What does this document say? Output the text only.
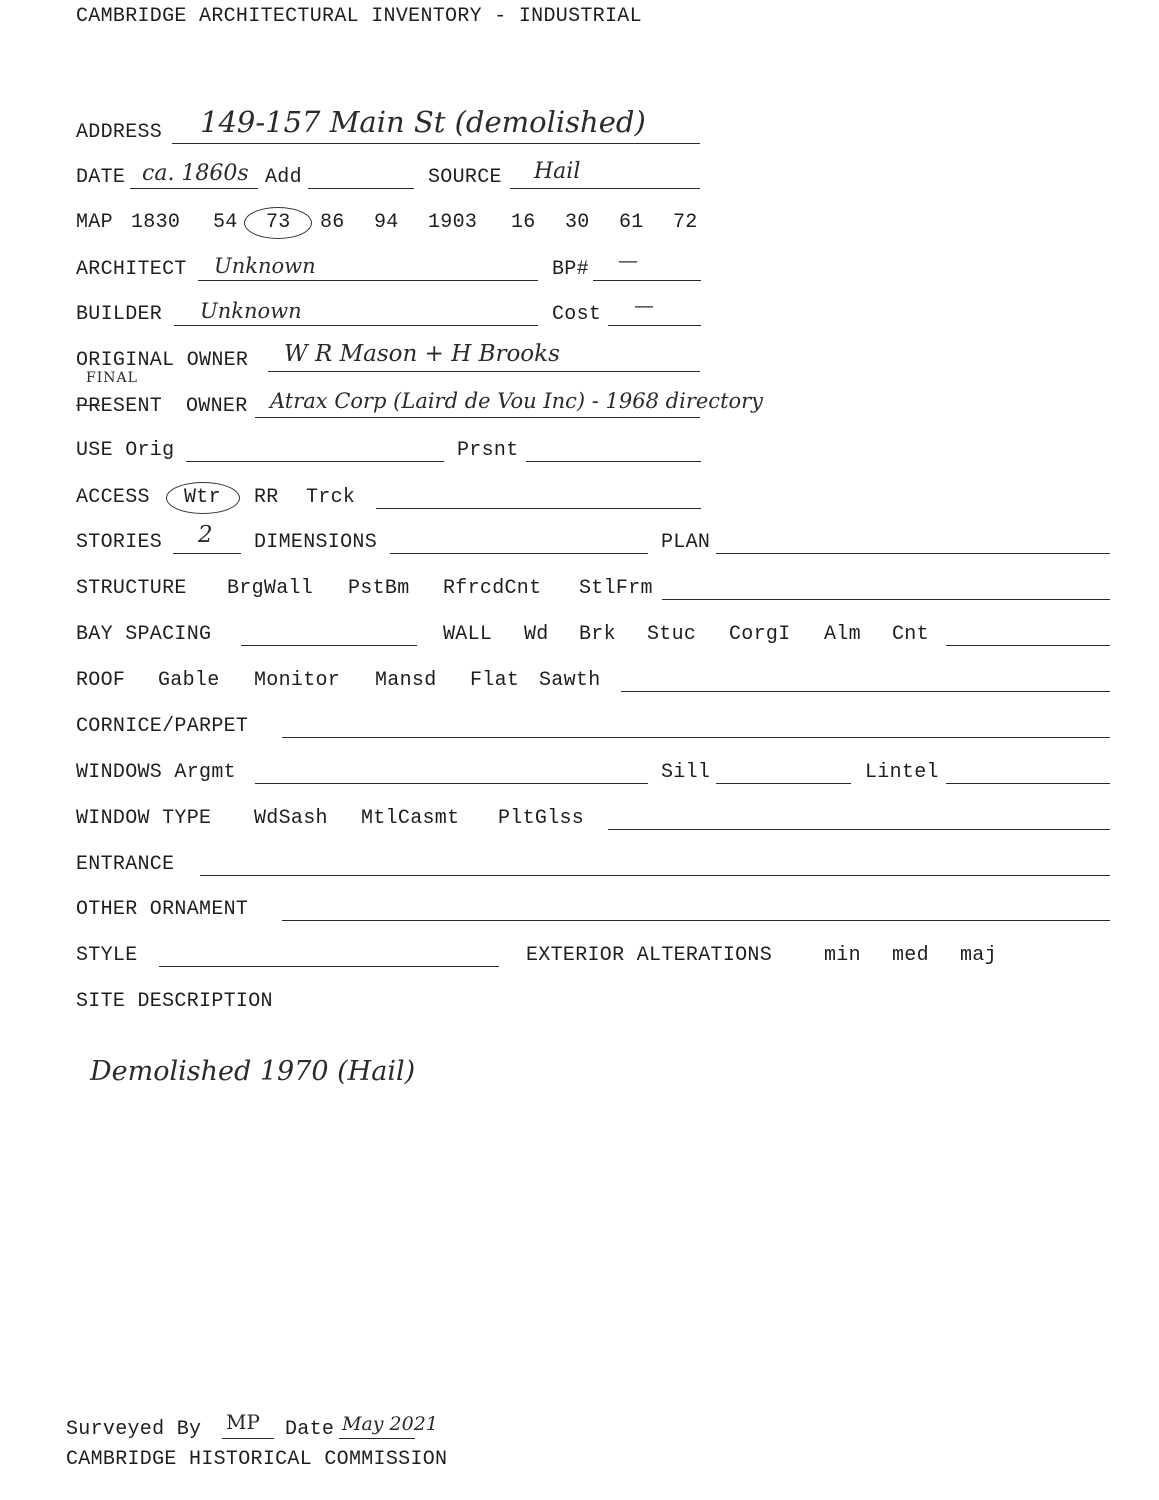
CAMBRIDGE ARCHITECTURAL INVENTORY - INDUSTRIAL
ADDRESS 149-157 Main St (demolished)
DATE ca. 1860s Add	SOURCE Hail
MAP 1830 54 73 86 94 1903 16 30 61 72
ARCHITECT Unknown	BP# —
BUILDER Unknown	Cost —
ORIGINAL OWNER W R Mason + H Brooks
FINAL
PRESENT OWNER Atrax Corp (Laird de Vou Inc) - 1968 directory
USE Orig	Prsnt
ACCESS Wtr RR Trck
STORIES 2 DIMENSIONS	PLAN
STRUCTURE BrgWall PstBm RfrcdCnt StlFrm
BAY SPACING	WALL Wd Brk Stuc CorgI Alm Cnt
ROOF Gable Monitor Mansd Flat Sawth
CORNICE/PARPET
WINDOWS Argmt	Sill	Lintel
WINDOW TYPE WdSash MtlCasmt PltGlss
ENTRANCE
OTHER ORNAMENT
STYLE	EXTERIOR ALTERATIONS	min med maj
SITE DESCRIPTION
Demolished 1970 (Hail)
Surveyed By MP Date May 2021
CAMBRIDGE HISTORICAL COMMISSION
